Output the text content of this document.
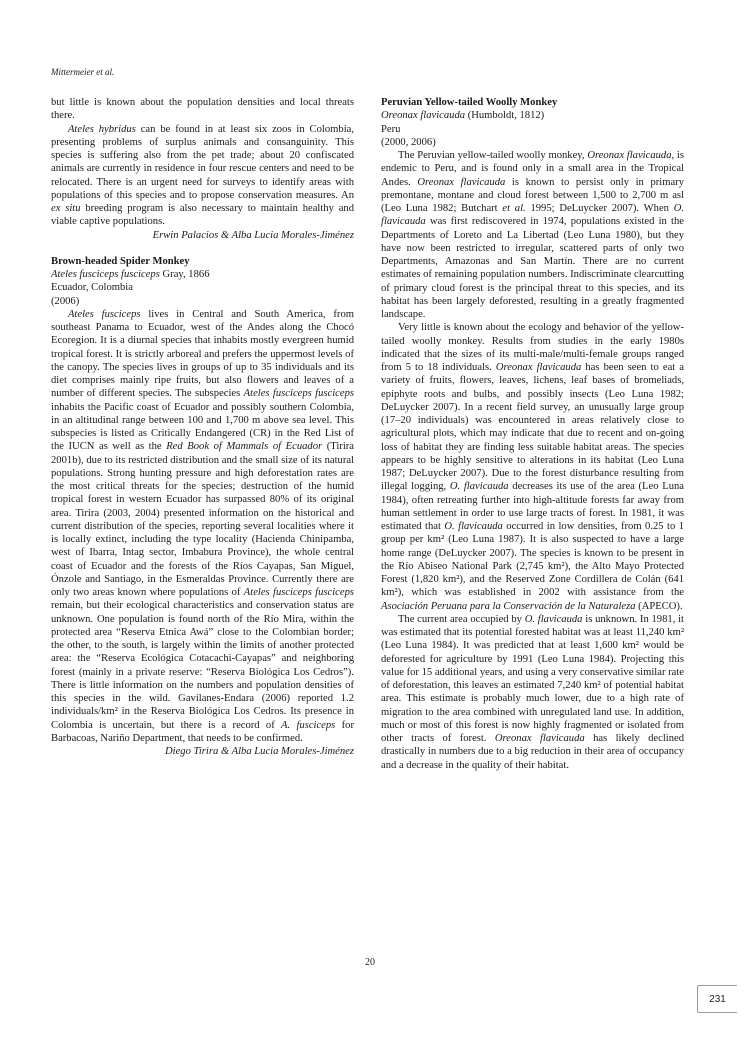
Mittermeier et al.

but little is known about the population densities and local threats there.

Ateles hybridus can be found in at least six zoos in Colombia, presenting problems of surplus animals and consanguinity. This species is suffering also from the pet trade; about 20 confiscated animals are currently in residence in four rescue centers and need to be relocated. There is an urgent need for surveys to identify areas with populations of this species and to propose conservation measures. An ex situ breeding program is also necessary to maintain healthy and viable captive populations.

Erwin Palacios & Alba Lucia Morales-Jiménez
Brown-headed Spider Monkey
Ateles fusciceps fusciceps Gray, 1866
Ecuador, Colombia
(2006)

Ateles fusciceps lives in Central and South America, from southeast Panama to Ecuador, west of the Andes along the Chocó Ecoregion. It is a diurnal species that inhabits mostly evergreen humid tropical forest. It is strictly arboreal and prefers the uppermost levels of the canopy. The species lives in groups of up to 35 individuals and its diet comprises mainly ripe fruits, but also flowers and leaves of a number of different species. The subspecies Ateles fusciceps fusciceps inhabits the Pacific coast of Ecuador and possibly southern Colombia, in an altitudinal range between 100 and 1,700 m above sea level. This subspecies is listed as Critically Endangered (CR) in the Red List of the IUCN as well as the Red Book of Mammals of Ecuador (Tirira 2001b), due to its restricted distribution and the small size of its natural populations. Strong hunting pressure and high deforestation rates are the most critical threats for the species; destruction of the humid tropical forest in western Ecuador has surpassed 80% of its original area. Tirira (2003, 2004) presented information on the historical and current distribution of the species, reporting several localities where it is locally extinct, including the type locality (Hacienda Chinipamba, west of Ibarra, Intag sector, Imbabura Province), the whole central coast of Ecuador and the forests of the Ríos Cayapas, San Miguel, Ónzole and Santiago, in the Esmeraldas Province. Currently there are only two areas known where populations of Ateles fusciceps fusciceps remain, but their ecological characteristics and conservation status are unknown. One population is found north of the Río Mira, within the protected area “Reserva Etnica Awá” close to the Colombian border; the other, to the south, is largely within the limits of another protected area: the “Reserva Ecológica Cotacachi-Cayapas” and neighboring forest (mainly in a private reserve: “Reserva Biológica Los Cedros”). There is little information on the numbers and population densities of this species in the wild. Gavilanes-Endara (2006) reported 1.2 individuals/km² in the Reserva Biológica Los Cedros. Its presence in Colombia is uncertain, but there is a record of A. fusciceps for Barbacoas, Nariño Department, that needs to be confirmed.

Diego Tirira & Alba Lucia Morales-Jiménez
Peruvian Yellow-tailed Woolly Monkey
Oreonax flavicauda (Humboldt, 1812)
Peru
(2000, 2006)

The Peruvian yellow-tailed woolly monkey, Oreonax flavicauda, is endemic to Peru, and is found only in a small area in the Tropical Andes. Oreonax flavicauda is known to persist only in primary premontane, montane and cloud forest between 1,500 to 2,700 m asl (Leo Luna 1982; Butchart et al. 1995; DeLuycker 2007). When O. flavicauda was first rediscovered in 1974, populations existed in the Departments of Loreto and La Libertad (Leo Luna 1980), but they have now been restricted to irregular, scattered parts of only two Departments, Amazonas and San Martín. There are no current estimates of remaining population numbers. Indiscriminate clearcutting of primary cloud forest is the principal threat to this species, and its habitat has been largely deforested, resulting in a greatly fragmented landscape.

Very little is known about the ecology and behavior of the yellow-tailed woolly monkey. Results from studies in the early 1980s indicated that the sizes of its multi-male/multi-female groups ranged from 5 to 18 individuals. Oreonax flavicauda has been seen to eat a variety of fruits, flowers, leaves, lichens, leaf bases of bromeliads, epiphyte roots and bulbs, and possibly insects (Leo Luna 1982; DeLuycker 2007). In a recent field survey, an unusually large group (17–20 individuals) was encountered in areas relatively close to agricultural plots, which may indicate that due to recent and on-going loss of habitat they are finding less suitable habitat areas. The species appears to be highly sensitive to alterations in its habitat (Leo Luna 1987; DeLuycker 2007). Due to the forest disturbance resulting from illegal logging, O. flavicauda decreases its use of the area (Leo Luna 1984), often retreating further into high-altitude forests far away from human settlement in order to use large tracts of forest. In 1981, it was estimated that O. flavicauda occurred in low densities, from 0.25 to 1 group per km² (Leo Luna 1987). It is also suspected to have a large home range (DeLuycker 2007). The species is known to be present in the Río Abiseo National Park (2,745 km²), the Alto Mayo Protected Forest (1,820 km²), and the Reserved Zone Cordillera de Colán (641 km²), which was established in 2002 with assistance from the Asociación Peruana para la Conservación de la Naturaleza (APECO).

The current area occupied by O. flavicauda is unknown. In 1981, it was estimated that its potential forested habitat was at least 11,240 km² (Leo Luna 1984). It was predicted that at least 1,600 km² would be deforested for agriculture by 1991 (Leo Luna 1984). Projecting this value for 15 additional years, and using a very conservative similar rate of deforestation, this leaves an estimated 7,240 km² of potential habitat area. This estimate is probably much lower, due to a high rate of migration to the area combined with unregulated land use. In addition, much or most of this forest is now highly fragmented or isolated from other tracts of forest. Oreonax flavicauda has likely declined drastically in numbers due to a big reduction in their area of occupancy and a decrease in the quality of their habitat.

20
231
